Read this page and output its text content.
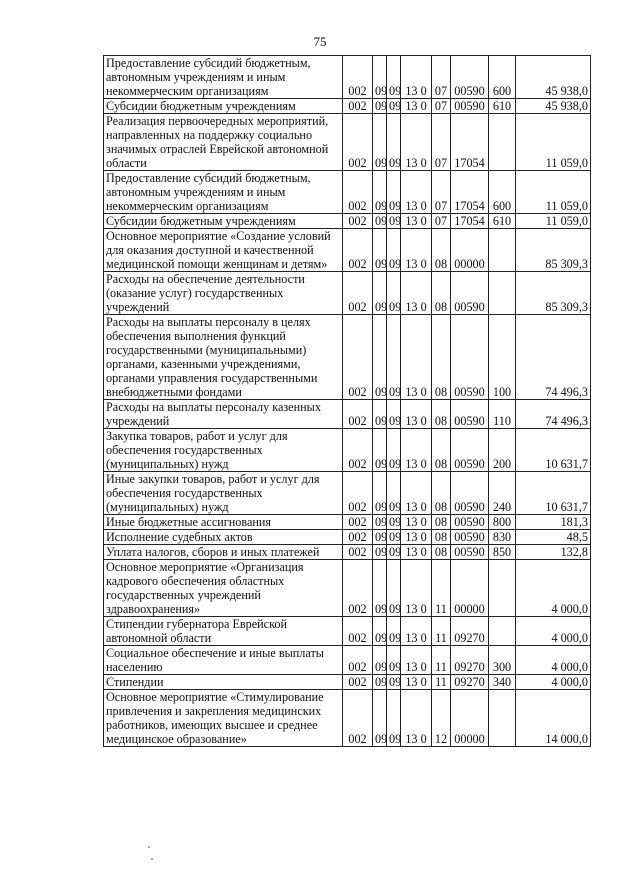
75
Предоставление субсидий бюджетным, автономным учреждениям и иным некоммерческим организациям	002	09	09	13 0	07	00590	600	45 938,0
Субсидии бюджетным учреждениям	002	09	09	13 0	07	00590	610	45 938,0
Реализация первоочередных мероприятий, направленных на поддержку социально значимых отраслей Еврейской автономной области	002	09	09	13 0	07	17054		11 059,0
Предоставление субсидий бюджетным, автономным учреждениям и иным некоммерческим организациям	002	09	09	13 0	07	17054	600	11 059,0
Субсидии бюджетным учреждениям	002	09	09	13 0	07	17054	610	11 059,0
Основное мероприятие «Создание условий для оказания доступной и качественной медицинской помощи женщинам и детям»	002	09	09	13 0	08	00000		85 309,3
Расходы на обеспечение деятельности (оказание услуг) государственных учреждений	002	09	09	13 0	08	00590		85 309,3
Расходы на выплаты персоналу в целях обеспечения выполнения функций государственными (муниципальными) органами, казенными учреждениями, органами управления государственными внебюджетными фондами	002	09	09	13 0	08	00590	100	74 496,3
Расходы на выплаты персоналу казенных учреждений	002	09	09	13 0	08	00590	110	74 496,3
Закупка товаров, работ и услуг для обеспечения государственных (муниципальных) нужд	002	09	09	13 0	08	00590	200	10 631,7
Иные закупки товаров, работ и услуг для обеспечения государственных (муниципальных) нужд	002	09	09	13 0	08	00590	240	10 631,7
Иные бюджетные ассигнования	002	09	09	13 0	08	00590	800	181,3
Исполнение судебных актов	002	09	09	13 0	08	00590	830	48,5
Уплата налогов, сборов и иных платежей	002	09	09	13 0	08	00590	850	132,8
Основное мероприятие «Организация кадрового обеспечения областных государственных учреждений здравоохранения»	002	09	09	13 0	11	00000		4 000,0
Стипендии губернатора Еврейской автономной области	002	09	09	13 0	11	09270		4 000,0
Социальное обеспечение и иные выплаты населению	002	09	09	13 0	11	09270	300	4 000,0
Стипендии	002	09	09	13 0	11	09270	340	4 000,0
Основное мероприятие «Стимулирование привлечения и закрепления медицинских работников, имеющих высшее и среднее медицинское образование»	002	09	09	13 0	12	00000		14 000,0
